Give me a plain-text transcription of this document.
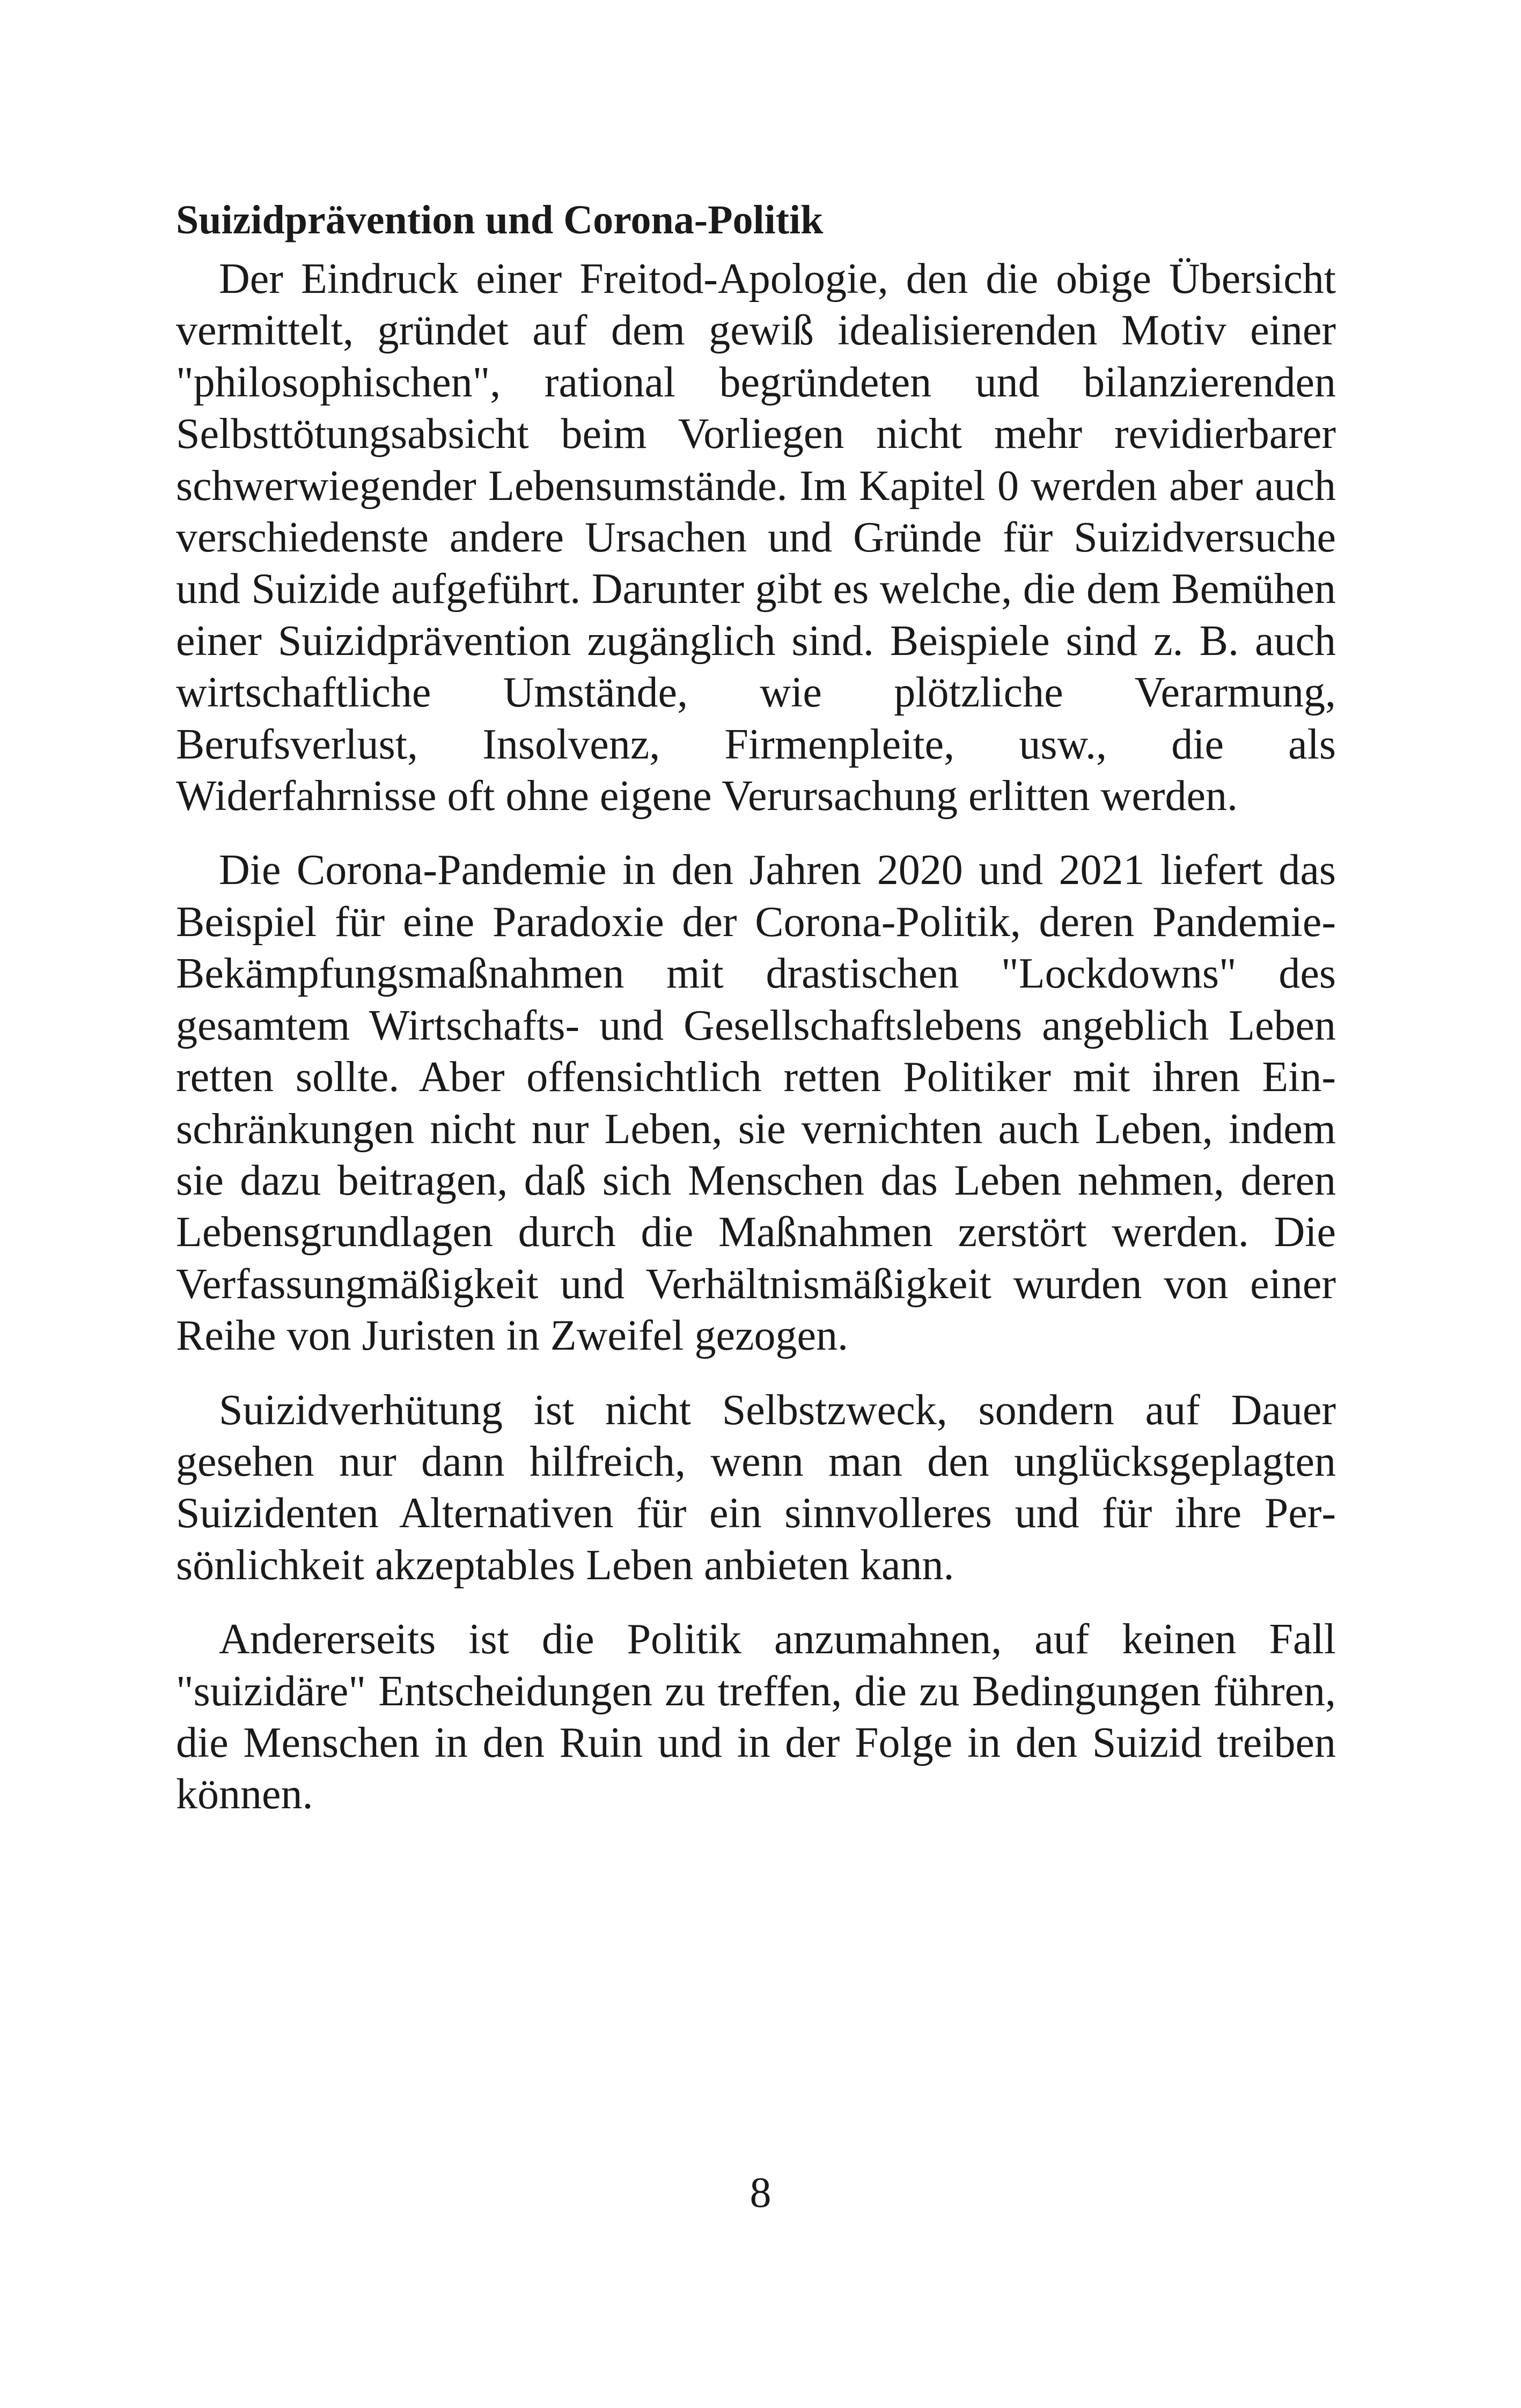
Suizidprävention und Corona-Politik

Der Eindruck einer Freitod-Apologie, den die obige Übersicht vermittelt, gründet auf dem gewiß idealisierenden Motiv einer "philosophischen", rational begründeten und bilanzierenden Selbsttötungsabsicht beim Vorliegen nicht mehr revidierbarer schwerwiegender Lebensumstände. Im Kapitel 0 werden aber auch verschiedenste andere Ursachen und Gründe für Suizidversuche und Suizide aufgeführt. Darunter gibt es welche, die dem Bemühen einer Suizidprävention zugänglich sind. Beispiele sind z. B. auch wirtschaftliche Umstände, wie plötzliche Verarmung, Berufsverlust, Insolvenz, Firmenpleite, usw., die als Widerfahrnisse oft ohne eigene Verursachung erlitten werden.

Die Corona-Pandemie in den Jahren 2020 und 2021 liefert das Beispiel für eine Paradoxie der Corona-Politik, deren Pandemie-Bekämpfungsmaßnahmen mit drastischen "Lockdowns" des gesamtem Wirtschafts- und Gesellschaftslebens angeblich Leben retten sollte. Aber offensichtlich retten Politiker mit ihren Einschränkungen nicht nur Leben, sie vernichten auch Leben, indem sie dazu beitragen, daß sich Menschen das Leben nehmen, deren Lebensgrundlagen durch die Maßnahmen zerstört werden. Die Verfassungmäßigkeit und Verhältnismäßigkeit wurden von einer Reihe von Juristen in Zweifel gezogen.

Suizidverhütung ist nicht Selbstzweck, sondern auf Dauer gesehen nur dann hilfreich, wenn man den unglücksgeplagten Suizidenten Alternativen für ein sinnvolleres und für ihre Persönlichkeit akzeptables Leben anbieten kann.

Andererseits ist die Politik anzumahnen, auf keinen Fall "suizidäre" Entscheidungen zu treffen, die zu Bedingungen führen, die Menschen in den Ruin und in der Folge in den Suizid treiben können.

8
